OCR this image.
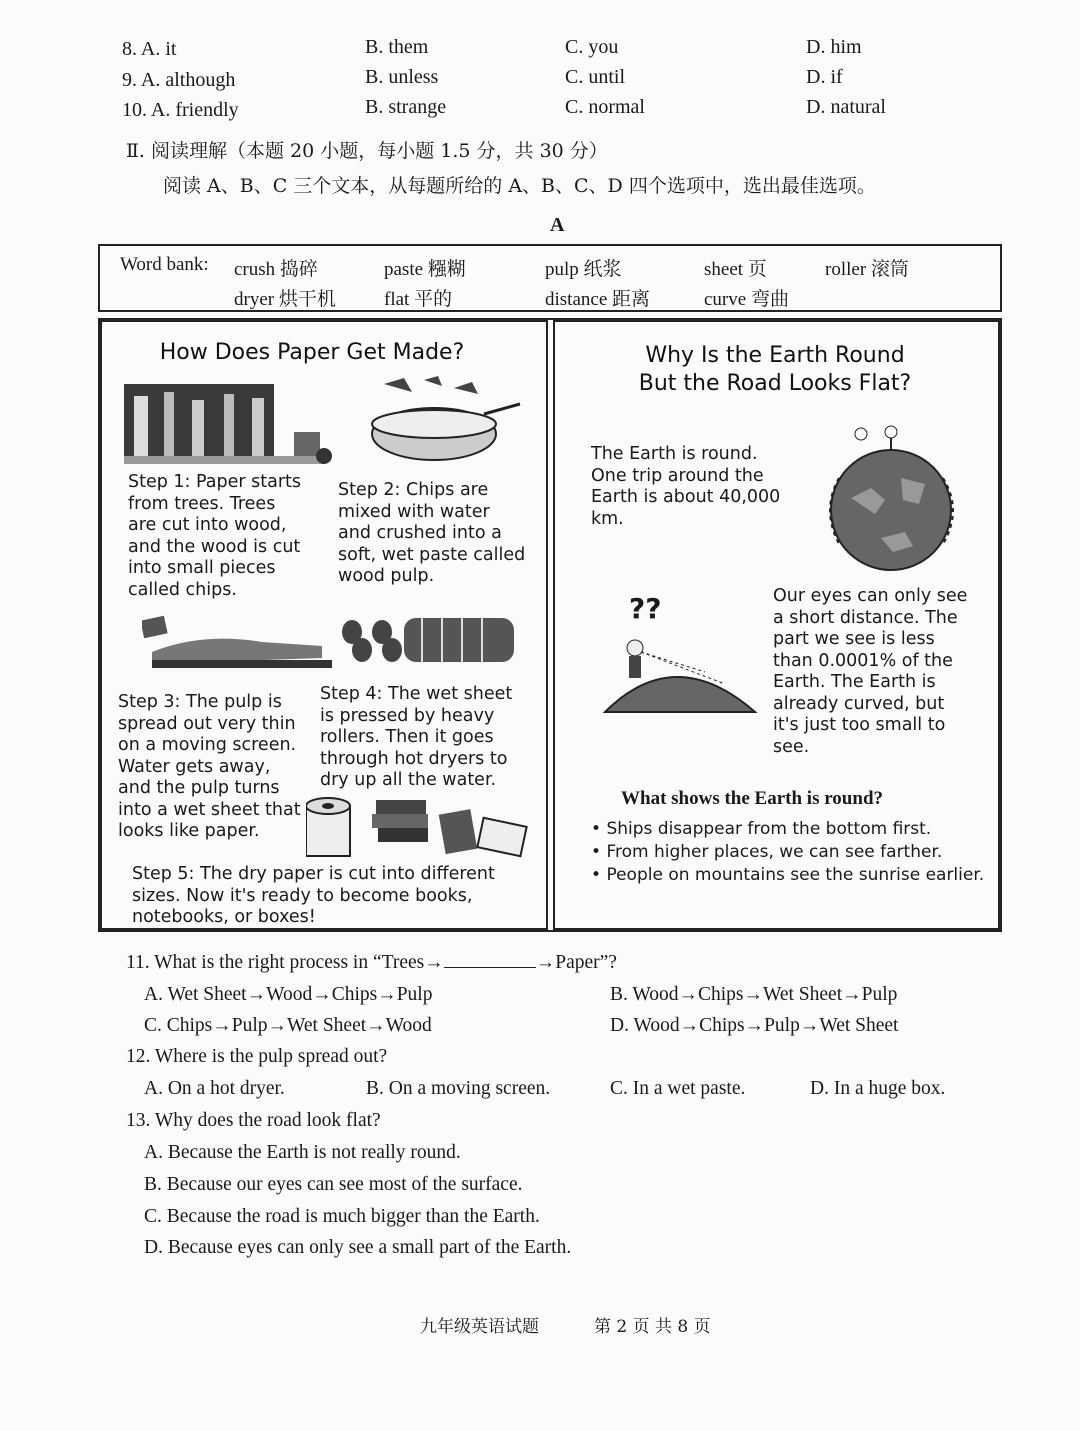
8. A. it	B. them	C. you	D. him
9. A. although	B. unless	C. until	D. if
10. A. friendly	B. strange	C. normal	D. natural
Ⅱ. 阅读理解（本题 20 小题，每小题 1.5 分，共 30 分）
阅读 A、B、C 三个文本，从每题所给的 A、B、C、D 四个选项中，选出最佳选项。
A
Word bank: crush 捣碎	paste 糨糊	pulp 纸浆	sheet 页	roller 滚筒
dryer 烘干机	flat 平的	distance 距离	curve 弯曲
How Does Paper Get Made?
Step 1: Paper starts from trees. Trees are cut into wood, and the wood is cut into small pieces called chips.
Step 2: Chips are mixed with water and crushed into a soft, wet paste called wood pulp.
Step 3: The pulp is spread out very thin on a moving screen. Water gets away, and the pulp turns into a wet sheet that looks like paper.
Step 4: The wet sheet is pressed by heavy rollers. Then it goes through hot dryers to dry up all the water.
Step 5: The dry paper is cut into different sizes. Now it's ready to become books, notebooks, or boxes!
Why Is the Earth Round
But the Road Looks Flat?
The Earth is round. One trip around the Earth is about 40,000 km.
??	Our eyes can only see a short distance. The part we see is less than 0.0001% of the Earth. The Earth is already curved, but it's just too small to see.
What shows the Earth is round?
• Ships disappear from the bottom first.
• From higher places, we can see farther.
• People on mountains see the sunrise earlier.
11. What is the right process in “Trees→	→Paper”?
A. Wet Sheet→Wood→Chips→Pulp	B. Wood→Chips→Wet Sheet→Pulp
C. Chips→Pulp→Wet Sheet→Wood	D. Wood→Chips→Pulp→Wet Sheet
12. Where is the pulp spread out?
A. On a hot dryer.	B. On a moving screen.	C. In a wet paste.	D. In a huge box.
13. Why does the road look flat?
A. Because the Earth is not really round.
B. Because our eyes can see most of the surface.
C. Because the road is much bigger than the Earth.
D. Because eyes can only see a small part of the Earth.
九年级英语试题	第 2 页 共 8 页
